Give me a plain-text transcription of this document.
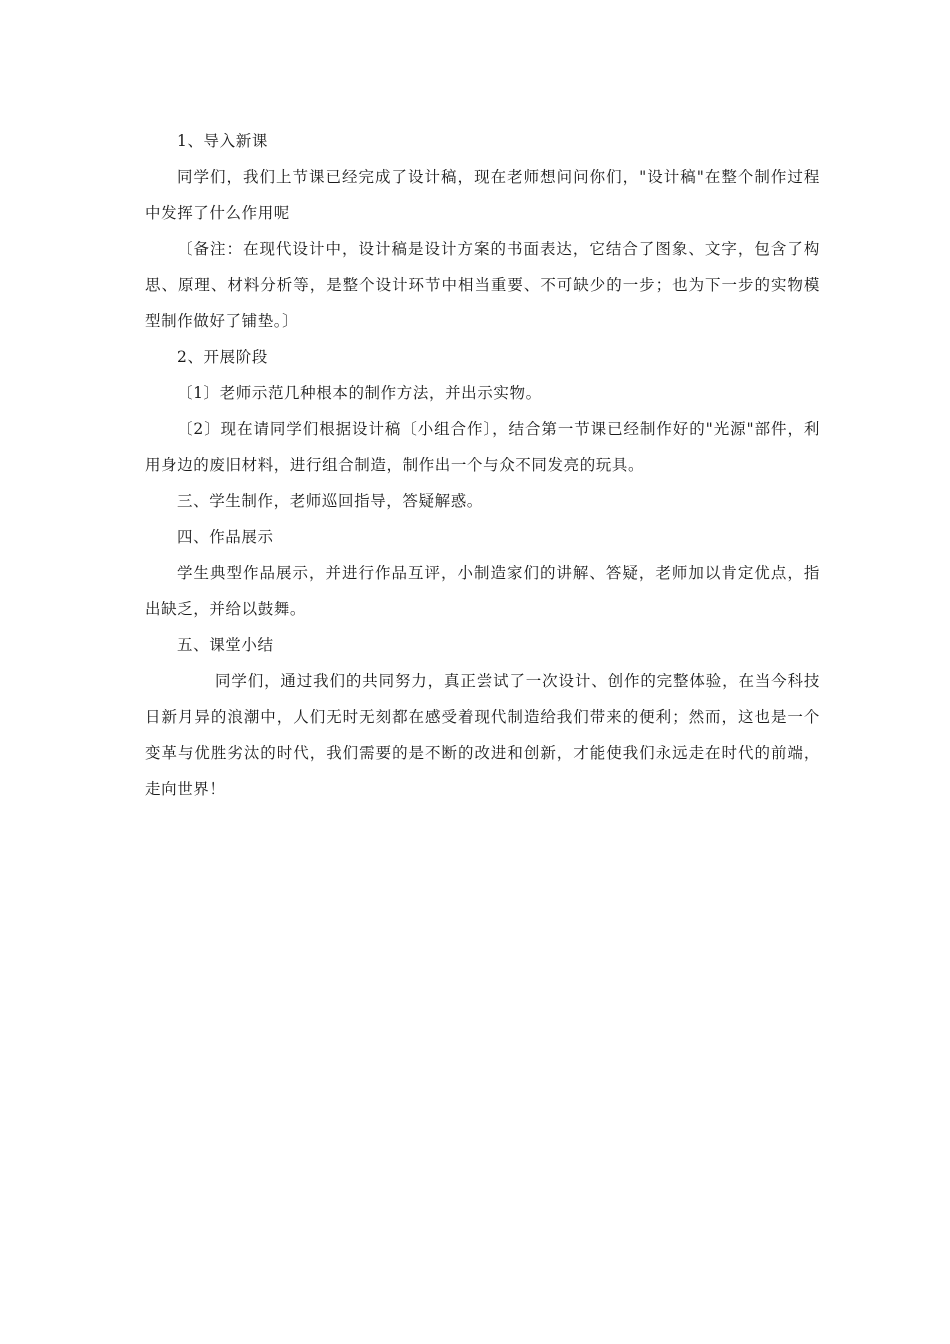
1、导入新课

同学们，我们上节课已经完成了设计稿，现在老师想问问你们，"设计稿"在整个制作过程中发挥了什么作用呢

〔备注：在现代设计中，设计稿是设计方案的书面表达，它结合了图象、文字，包含了构思、原理、材料分析等，是整个设计环节中相当重要、不可缺少的一步；也为下一步的实物模型制作做好了铺垫。〕

2、开展阶段

〔1〕老师示范几种根本的制作方法，并出示实物。

〔2〕现在请同学们根据设计稿〔小组合作〕，结合第一节课已经制作好的"光源"部件，利用身边的废旧材料，进行组合制造，制作出一个与众不同发亮的玩具。

三、学生制作，老师巡回指导，答疑解惑。

四、作品展示

学生典型作品展示，并进行作品互评，小制造家们的讲解、答疑，老师加以肯定优点，指出缺乏，并给以鼓舞。

五、课堂小结

同学们，通过我们的共同努力，真正尝试了一次设计、创作的完整体验，在当今科技日新月异的浪潮中，人们无时无刻都在感受着现代制造给我们带来的便利；然而，这也是一个变革与优胜劣汰的时代，我们需要的是不断的改进和创新，才能使我们永远走在时代的前端，走向世界！
